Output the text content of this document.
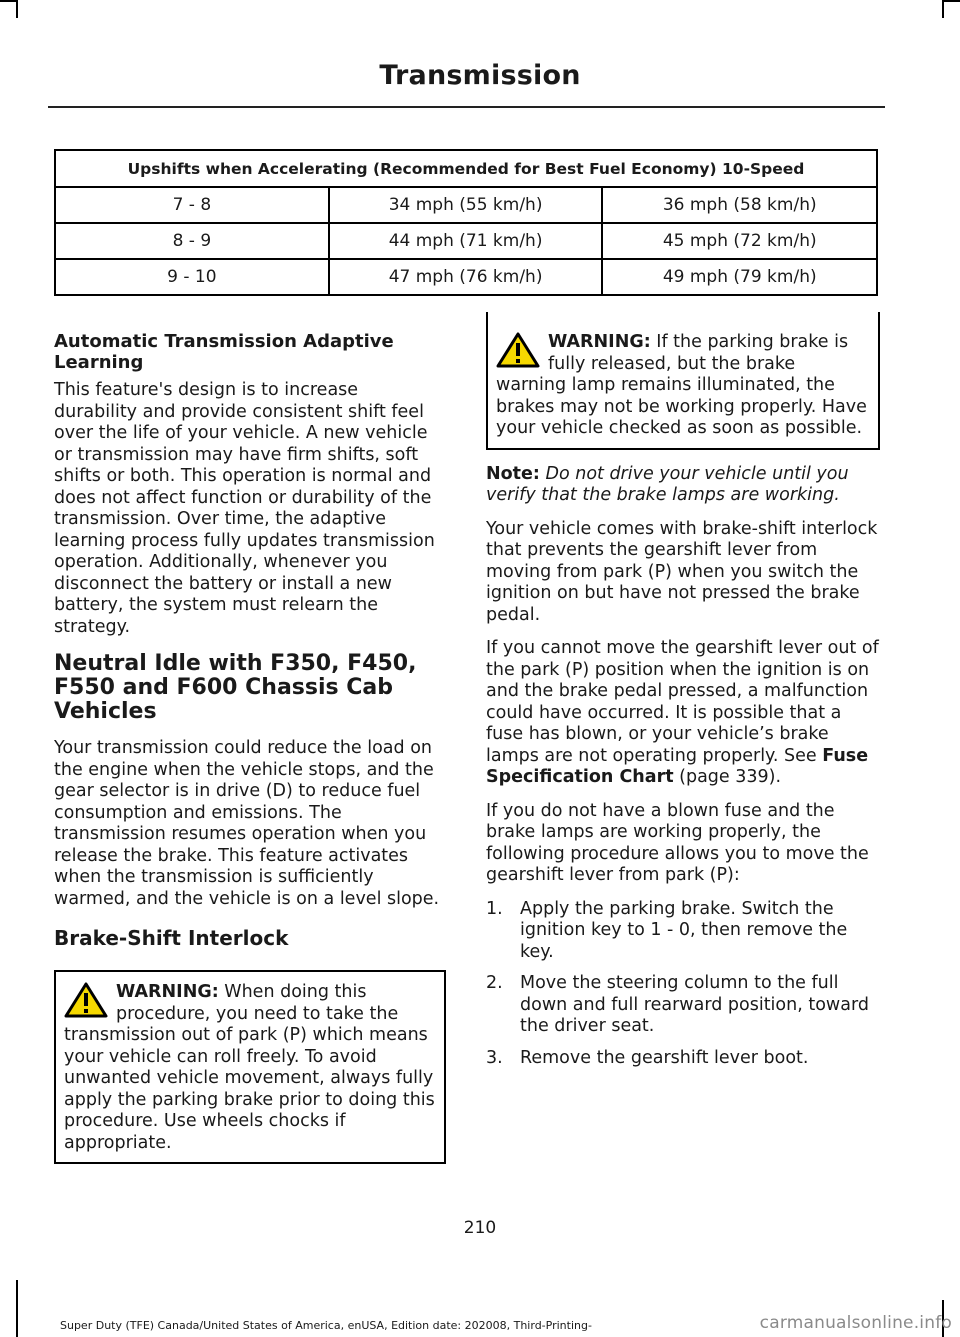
Transmission
Upshifts when Accelerating (Recommended for Best Fuel Economy) 10-Speed		
7 - 8	34 mph (55 km/h)	36 mph (58 km/h)
8 - 9	44 mph (71 km/h)	45 mph (72 km/h)
9 - 10	47 mph (76 km/h)	49 mph (79 km/h)
Automatic Transmission Adaptive Learning

This feature's design is to increase durability and provide consistent shift feel over the life of your vehicle. A new vehicle or transmission may have firm shifts, soft shifts or both. This operation is normal and does not affect function or durability of the transmission. Over time, the adaptive learning process fully updates transmission operation. Additionally, whenever you disconnect the battery or install a new battery, the system must relearn the strategy.

Neutral Idle with F350, F450, F550 and F600 Chassis Cab Vehicles

Your transmission could reduce the load on the engine when the vehicle stops, and the gear selector is in drive (D) to reduce fuel consumption and emissions. The transmission resumes operation when you release the brake. This feature activates when the transmission is sufficiently warmed, and the vehicle is on a level slope.

Brake-Shift Interlock
WARNING: When doing this procedure, you need to take the transmission out of park (P) which means your vehicle can roll freely. To avoid unwanted vehicle movement, always fully apply the parking brake prior to doing this procedure. Use wheels chocks if appropriate.
WARNING: If the parking brake is fully released, but the brake warning lamp remains illuminated, the brakes may not be working properly. Have your vehicle checked as soon as possible.

Note: Do not drive your vehicle until you verify that the brake lamps are working.

Your vehicle comes with brake-shift interlock that prevents the gearshift lever from moving from park (P) when you switch the ignition on but have not pressed the brake pedal.

If you cannot move the gearshift lever out of the park (P) position when the ignition is on and the brake pedal pressed, a malfunction could have occurred. It is possible that a fuse has blown, or your vehicle’s brake lamps are not operating properly. See Fuse Specification Chart (page 339).

If you do not have a blown fuse and the brake lamps are working properly, the following procedure allows you to move the gearshift lever from park (P):

1. Apply the parking brake. Switch the ignition key to 1 - 0, then remove the key.
2. Move the steering column to the full down and full rearward position, toward the driver seat.
3. Remove the gearshift lever boot.
210
Super Duty (TFE) Canada/United States of America, enUSA, Edition date: 202008, Third-Printing-	carmanualsonline.info
